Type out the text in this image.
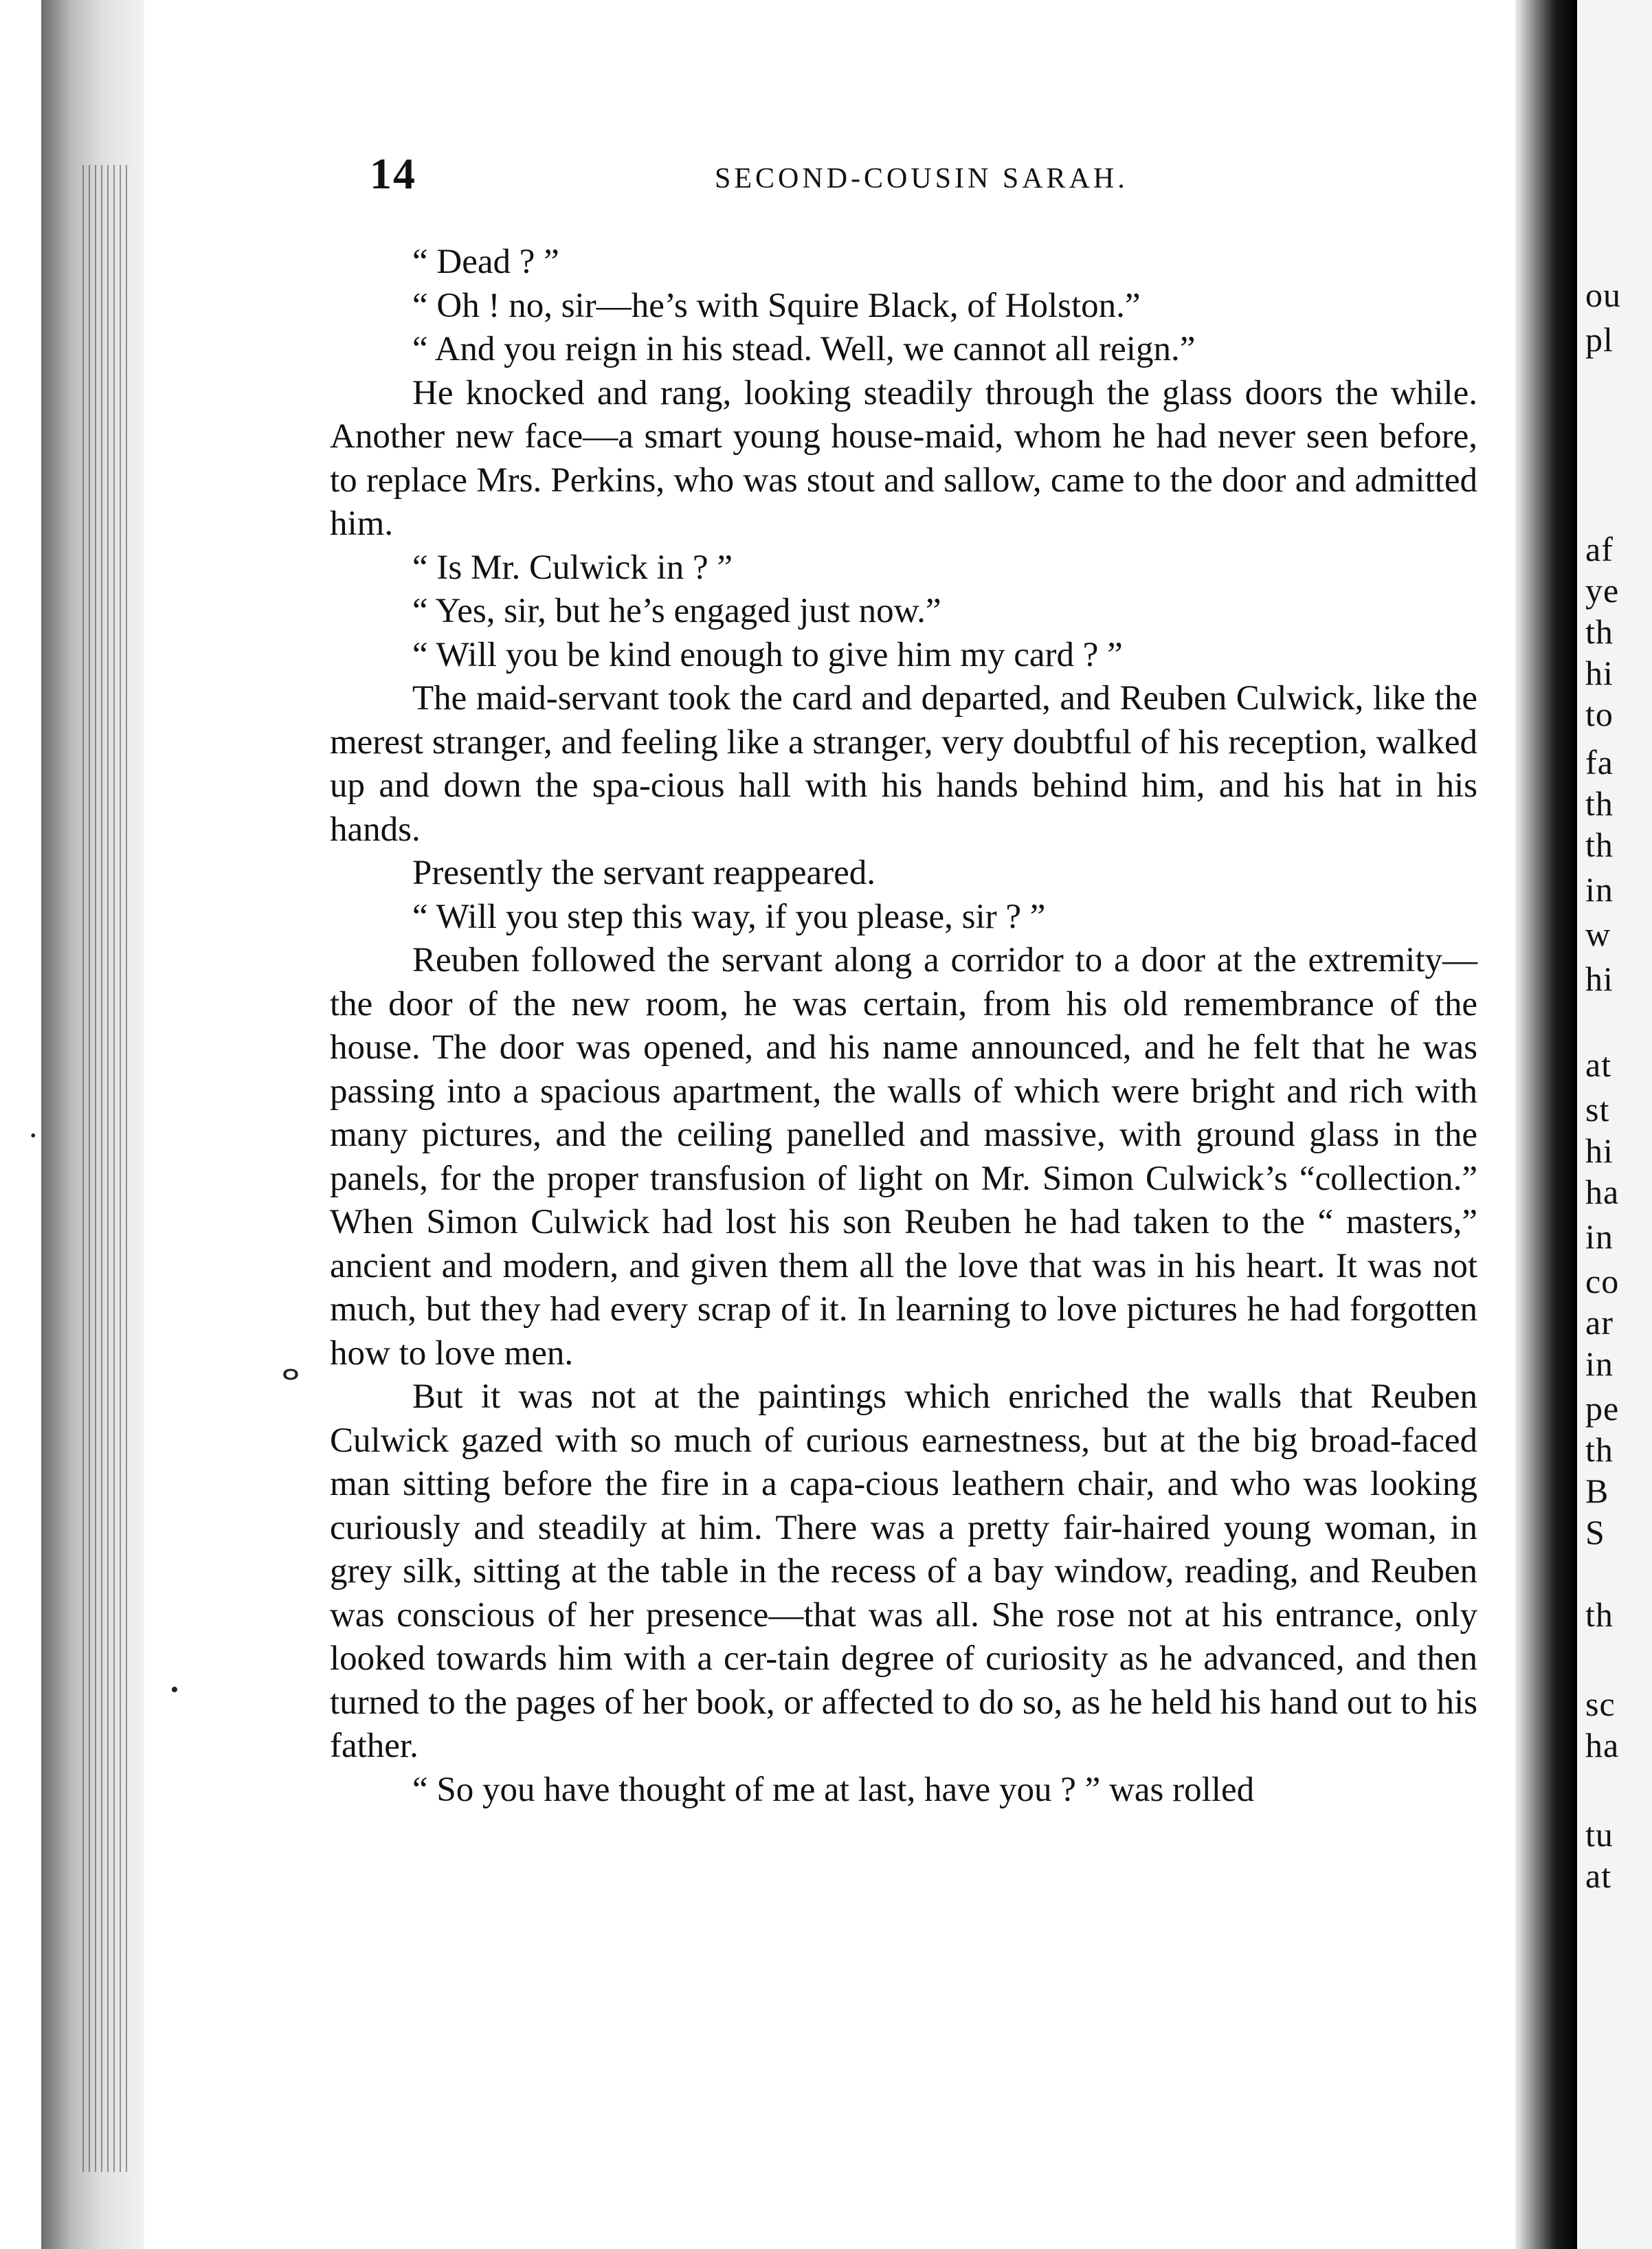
ou
pl
af
ye
th
hi
to
fa
th
th
in
w
hi
at
st
hi
ha
in
co
ar
in
pe
th
B
S
th
sc
ha
tu
at
ⴰ
•
•
14	SECOND-COUSIN SARAH.

“ Dead ? ”

“ Oh ! no, sir—he’s with Squire Black, of Holston.”

“ And you reign in his stead. Well, we cannot all reign.”

He knocked and rang, looking steadily through the glass doors the while. Another new face—a smart young house-maid, whom he had never seen before, to replace Mrs. Perkins, who was stout and sallow, came to the door and admitted him.

“ Is Mr. Culwick in ? ”

“ Yes, sir, but he’s engaged just now.”

“ Will you be kind enough to give him my card ? ”

The maid-servant took the card and departed, and Reuben Culwick, like the merest stranger, and feeling like a stranger, very doubtful of his reception, walked up and down the spa-cious hall with his hands behind him, and his hat in his hands.

Presently the servant reappeared.

“ Will you step this way, if you please, sir ? ”

Reuben followed the servant along a corridor to a door at the extremity—the door of the new room, he was certain, from his old remembrance of the house. The door was opened, and his name announced, and he felt that he was passing into a spacious apartment, the walls of which were bright and rich with many pictures, and the ceiling panelled and massive, with ground glass in the panels, for the proper transfusion of light on Mr. Simon Culwick’s “collection.” When Simon Culwick had lost his son Reuben he had taken to the “ masters,” ancient and modern, and given them all the love that was in his heart. It was not much, but they had every scrap of it. In learning to love pictures he had forgotten how to love men.

But it was not at the paintings which enriched the walls that Reuben Culwick gazed with so much of curious earnestness, but at the big broad-faced man sitting before the fire in a capa-cious leathern chair, and who was looking curiously and steadily at him. There was a pretty fair-haired young woman, in grey silk, sitting at the table in the recess of a bay window, reading, and Reuben was conscious of her presence—that was all. She rose not at his entrance, only looked towards him with a cer-tain degree of curiosity as he advanced, and then turned to the pages of her book, or affected to do so, as he held his hand out to his father.

“ So you have thought of me at last, have you ? ” was rolled
